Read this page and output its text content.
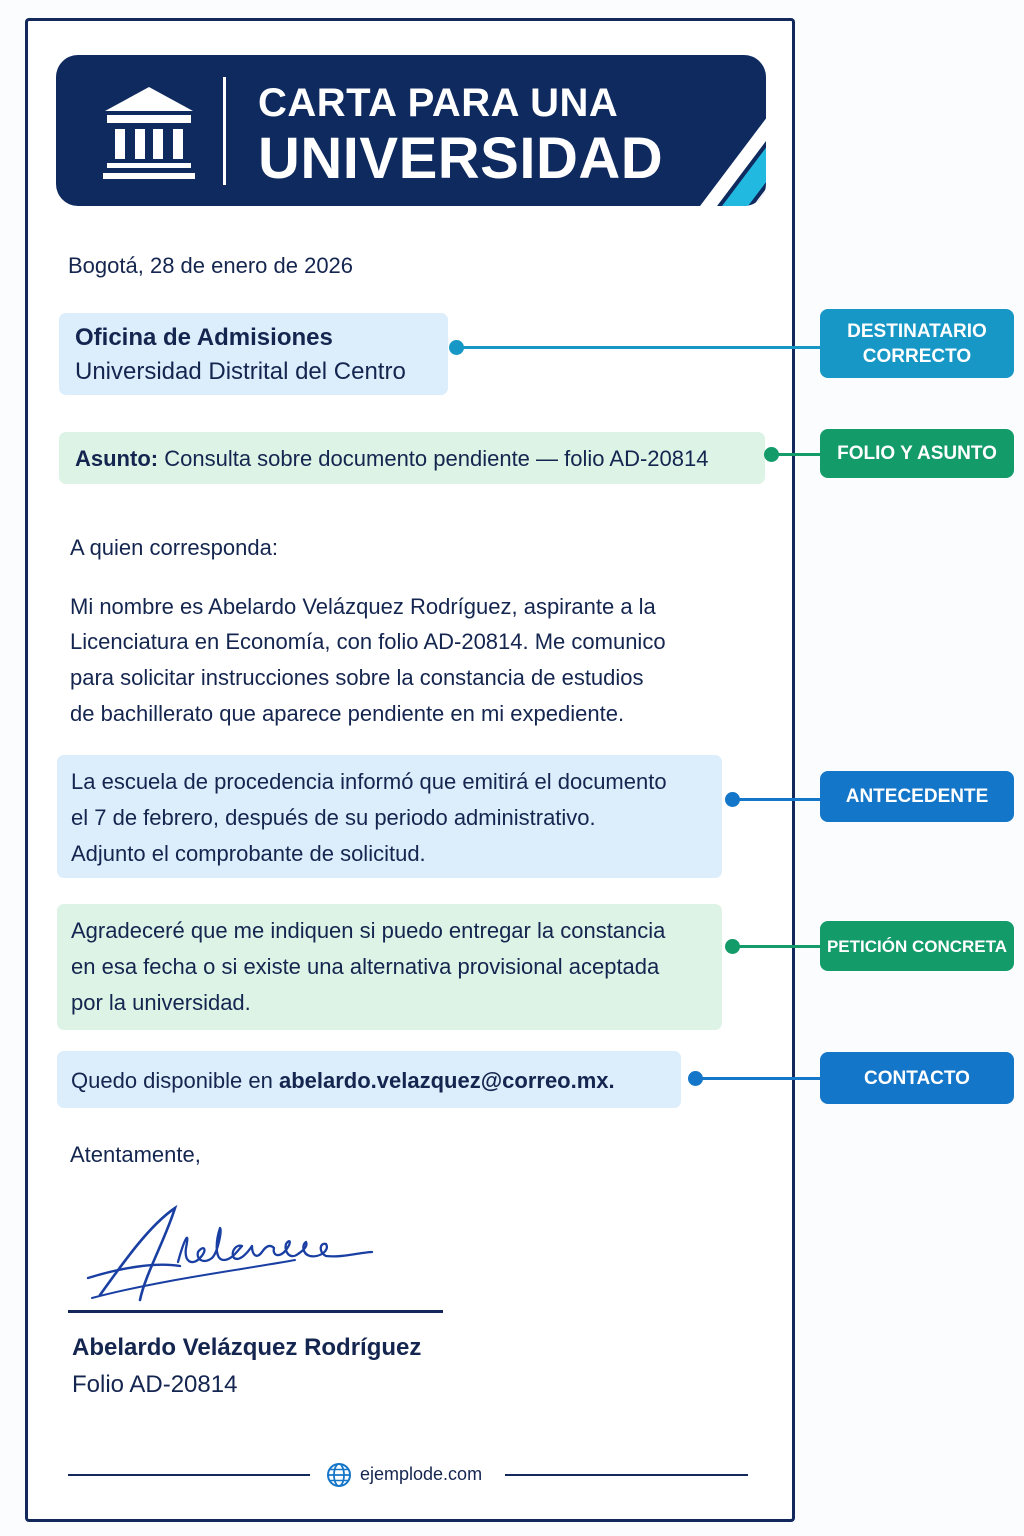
CARTA PARA UNA
UNIVERSIDAD
Bogotá, 28 de enero de 2026
Oficina de Admisiones
Universidad Distrital del Centro
Asunto: Consulta sobre documento pendiente — folio AD-20814
A quien corresponda:
Mi nombre es Abelardo Velázquez Rodríguez, aspirante a la
Licenciatura en Economía, con folio AD-20814. Me comunico
para solicitar instrucciones sobre la constancia de estudios
de bachillerato que aparece pendiente en mi expediente.
La escuela de procedencia informó que emitirá el documento
el 7 de febrero, después de su periodo administrativo.
Adjunto el comprobante de solicitud.
Agradeceré que me indiquen si puedo entregar la constancia
en esa fecha o si existe una alternativa provisional aceptada
por la universidad.
Quedo disponible en abelardo.velazquez@correo.mx.
Atentamente,
Abelardo Velázquez Rodríguez
Folio AD-20814
DESTINATARIO
CORRECTO
FOLIO Y ASUNTO
ANTECEDENTE
PETICIÓN CONCRETA
CONTACTO
ejemplode.com
